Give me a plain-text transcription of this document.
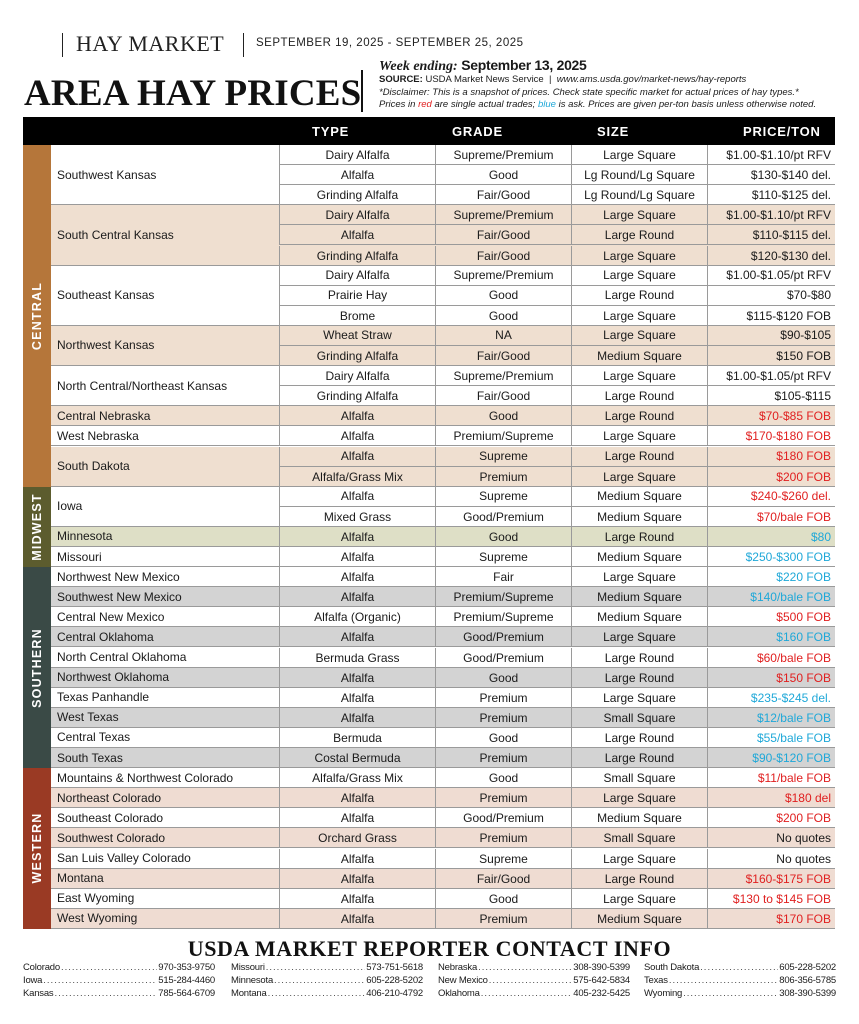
HAY MARKET	SEPTEMBER 19, 2025 - SEPTEMBER 25, 2025
AREA HAY PRICES
Week ending: September 13, 2025
SOURCE: USDA Market News Service  |  www.ams.usda.gov/market-news/hay-reports
*Disclaimer: This is a snapshot of prices. Check state specific market for actual prices of hay types.*
Prices in red are single actual trades; blue is ask. Prices are given per-ton basis unless otherwise noted.
TYPE	GRADE	SIZE	PRICE/TON
Southwest Kansas
Dairy Alfalfa	Supreme/Premium	Large Square	$1.00-$1.10/pt RFV
Alfalfa	Good	Lg Round/Lg Square	$130-$140 del.
Grinding Alfalfa	Fair/Good	Lg Round/Lg Square	$110-$125 del.
South Central Kansas
Dairy Alfalfa	Supreme/Premium	Large Square	$1.00-$1.10/pt RFV
Alfalfa	Fair/Good	Large Round	$110-$115 del.
Grinding Alfalfa	Fair/Good	Large Square	$120-$130 del.
Southeast Kansas
Dairy Alfalfa	Supreme/Premium	Large Square	$1.00-$1.05/pt RFV
Prairie Hay	Good	Large Round	$70-$80
Brome	Good	Large Square	$115-$120 FOB
Northwest Kansas
Wheat Straw	NA	Large Square	$90-$105
Grinding Alfalfa	Fair/Good	Medium Square	$150 FOB
North Central/Northeast Kansas
Dairy Alfalfa	Supreme/Premium	Large Square	$1.00-$1.05/pt RFV
Grinding Alfalfa	Fair/Good	Large Round	$105-$115
Central Nebraska	Alfalfa	Good	Large Round	$70-$85 FOB
West Nebraska	Alfalfa	Premium/Supreme	Large Square	$170-$180 FOB
South Dakota
Alfalfa	Supreme	Large Round	$180 FOB
Alfalfa/Grass Mix	Premium	Large Square	$200 FOB
Iowa
Alfalfa	Supreme	Medium Square	$240-$260 del.
Mixed Grass	Good/Premium	Medium Square	$70/bale FOB
Minnesota	Alfalfa	Good	Large Round	$80
Missouri	Alfalfa	Supreme	Medium Square	$250-$300 FOB
Northwest New Mexico	Alfalfa	Fair	Large Square	$220 FOB
Southwest New Mexico	Alfalfa	Premium/Supreme	Medium Square	$140/bale FOB
Central New Mexico	Alfalfa (Organic)	Premium/Supreme	Medium Square	$500 FOB
Central Oklahoma	Alfalfa	Good/Premium	Large Square	$160 FOB
North Central Oklahoma	Bermuda Grass	Good/Premium	Large Round	$60/bale FOB
Northwest Oklahoma	Alfalfa	Good	Large Round	$150 FOB
Texas Panhandle	Alfalfa	Premium	Large Square	$235-$245 del.
West Texas	Alfalfa	Premium	Small Square	$12/bale FOB
Central Texas	Bermuda	Good	Large Round	$55/bale FOB
South Texas	Costal Bermuda	Premium	Large Round	$90-$120 FOB
Mountains & Northwest Colorado	Alfalfa/Grass Mix	Good	Small Square	$11/bale FOB
Northeast Colorado	Alfalfa	Premium	Large Square	$180 del
Southeast Colorado	Alfalfa	Good/Premium	Medium Square	$200 FOB
Southwest Colorado	Orchard Grass	Premium	Small Square	No quotes
San Luis Valley Colorado	Alfalfa	Supreme	Large Square	No quotes
Montana	Alfalfa	Fair/Good	Large Round	$160-$175 FOB
East Wyoming	Alfalfa	Good	Large Square	$130 to $145 FOB
West Wyoming	Alfalfa	Premium	Medium Square	$170 FOB
CENTRAL
MIDWEST
SOUTHERN
WESTERN
USDA MARKET REPORTER CONTACT INFO
Colorado .....	970-353-9750
Iowa .....	515-284-4460
Kansas .....	785-564-6709
Missouri .....	573-751-5618
Minnesota .....	605-228-5202
Montana .....	406-210-4792
Nebraska .....	308-390-5399
New Mexico .....	575-642-5834
Oklahoma .....	405-232-5425
South Dakota .....	605-228-5202
Texas .....	806-356-5785
Wyoming .....	308-390-5399
